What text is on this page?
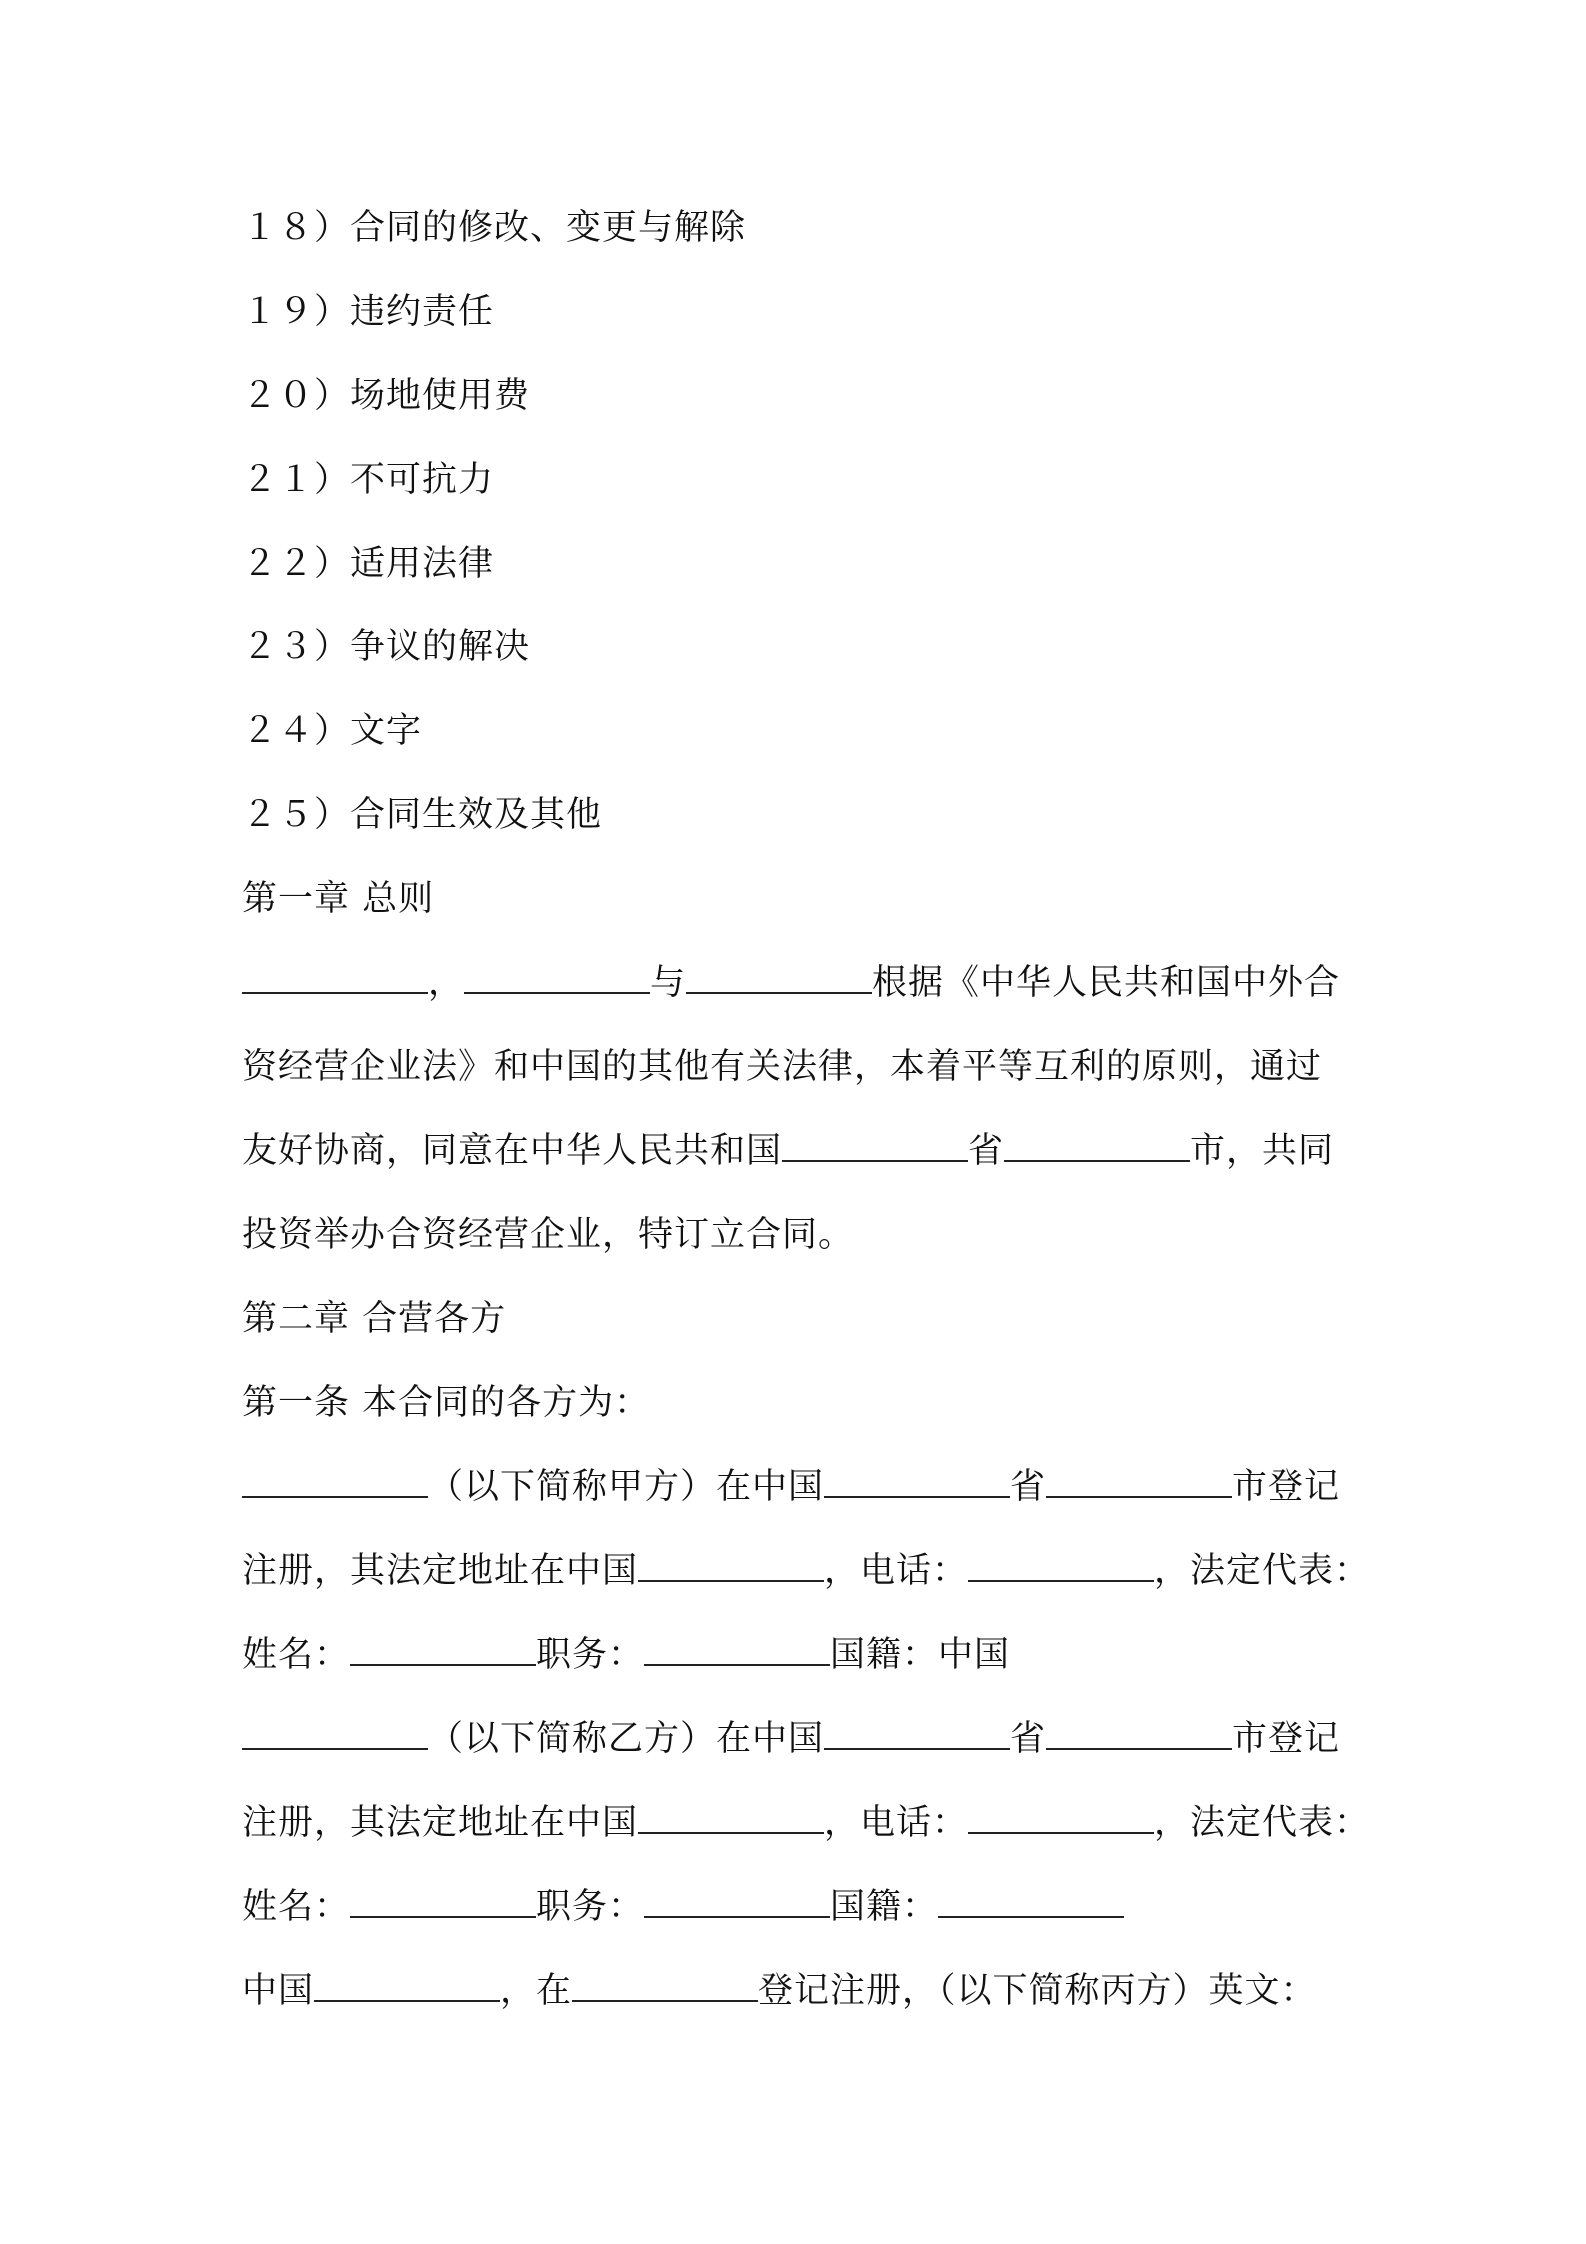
１８）合同的修改、变更与解除
１９）违约责任
２０）场地使用费
２１）不可抗力
２２）适用法律
２３）争议的解决
２４）文字
２５）合同生效及其他
第一章 总则
，	与	根据《中华人民共和国中外合
资经营企业法》和中国的其他有关法律，本着平等互利的原则，通过
友好协商，同意在中华人民共和国	省	市，共同
投资举办合资经营企业，特订立合同。
第二章 合营各方
第一条 本合同的各方为：
（以下简称甲方）在中国	省	市登记
注册，其法定地址在中国	，电话：	，法定代表：
姓名：	职务：	国籍：中国
（以下简称乙方）在中国	省	市登记
注册，其法定地址在中国	，电话：	，法定代表：
姓名：	职务：	国籍：
中国	，在	登记注册，（以下简称丙方）英文：
